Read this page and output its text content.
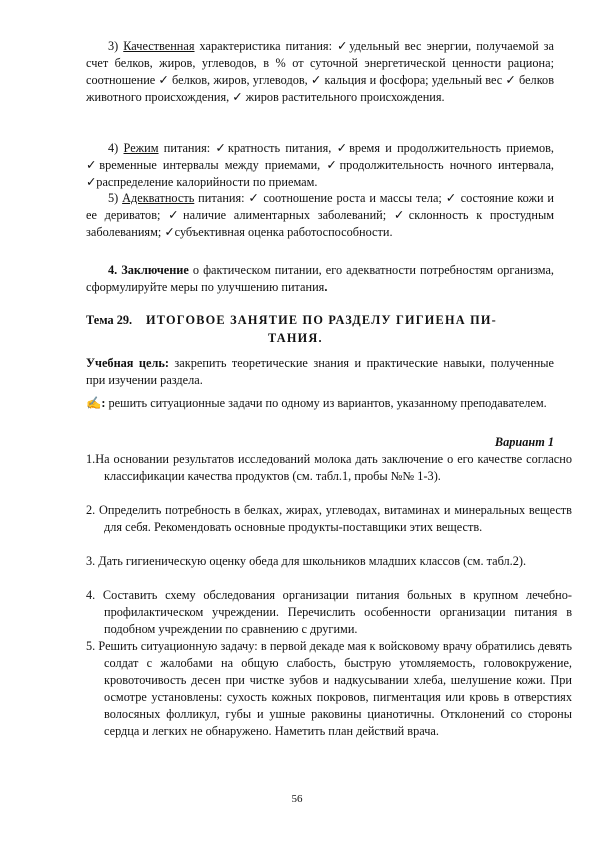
3) Качественная характеристика питания: ✓удельный вес энергии, получаемой за счет белков, жиров, углеводов, в % от суточной энергетической ценности рациона; соотношение ✓ белков, жиров, углеводов, ✓ кальция и фосфора; удельный вес ✓ белков животного происхождения, ✓ жиров растительного происхождения.

4) Режим питания: ✓кратность питания, ✓время и продолжительность приемов, ✓временные интервалы между приемами, ✓продолжительность ночного интервала, ✓распределение калорийности по приемам.

5) Адекватность питания: ✓ соотношение роста и массы тела; ✓ состояние кожи и ее дериватов; ✓наличие алиментарных заболеваний; ✓склонность к простудным заболеваниям; ✓субъективная оценка работоспособности.

4. Заключение о фактическом питании, его адекватности потребностям организма, сформулируйте меры по улучшению питания.

Тема 29. ИТОГОВОЕ ЗАНЯТИЕ ПО РАЗДЕЛУ ГИГИЕНА ПИ-
ТАНИЯ.

Учебная цель: закрепить теоретические знания и практические навыки, полученные при изучении раздела.

✍: решить ситуационные задачи по одному из вариантов, указанному преподавателем.

Вариант 1

1.На основании результатов исследований молока дать заключение о его качестве согласно классификации качества продуктов (см. табл.1, пробы №№ 1-3).

2. Определить потребность в белках, жирах, углеводах, витаминах и минеральных веществ для себя. Рекомендовать основные продукты-поставщики этих веществ.

3. Дать гигиеническую оценку обеда для школьников младших классов (см. табл.2).

4. Составить схему обследования организации питания больных в крупном лечебно-профилактическом учреждении. Перечислить особенности организации питания в подобном учреждении по сравнению с другими.

5. Решить ситуационную задачу: в первой декаде мая к войсковому врачу обратились девять солдат с жалобами на общую слабость, быструю утомляемость, головокружение, кровоточивость десен при чистке зубов и надкусывании хлеба, шелушение кожи. При осмотре установлены: сухость кожных покровов, пигментация или кровь в отверстиях волосяных фолликул, губы и ушные раковины цианотичны. Отклонений со стороны сердца и легких не обнаружено. Наметить план действий врача.

56
